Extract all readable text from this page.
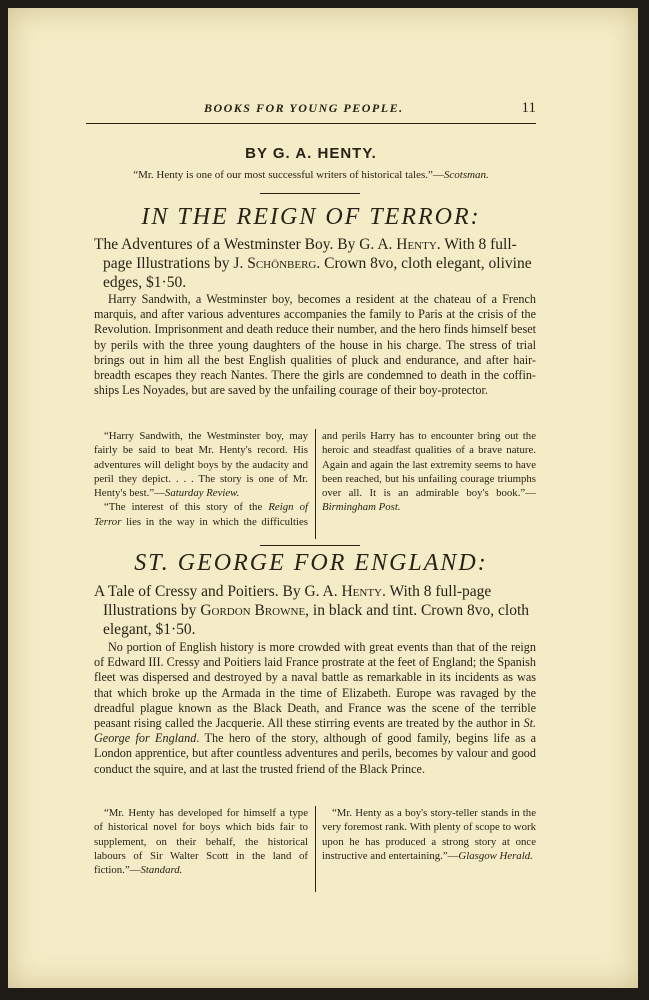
BOOKS FOR YOUNG PEOPLE.	11
BY G. A. HENTY.
“Mr. Henty is one of our most successful writers of historical tales.”—Scotsman.
IN THE REIGN OF TERROR:
The Adventures of a Westminster Boy. By G. A. Henty. With 8 full-page Illustrations by J. Schönberg. Crown 8vo, cloth elegant, olivine edges, $1·50.
Harry Sandwith, a Westminster boy, becomes a resident at the chateau of a French marquis, and after various adventures accompanies the family to Paris at the crisis of the Revolution. Imprisonment and death reduce their number, and the hero finds himself beset by perils with the three young daughters of the house in his charge. The stress of trial brings out in him all the best English qualities of pluck and endurance, and after hair-breadth escapes they reach Nantes. There the girls are condemned to death in the coffin-ships Les Noyades, but are saved by the unfailing courage of their boy-protector.

“Harry Sandwith, the Westminster boy, may fairly be said to beat Mr. Henty's record. His adventures will delight boys by the audacity and peril they depict. . . . The story is one of Mr. Henty's best.”—Saturday Review.

“The interest of this story of the Reign of Terror lies in the way in which the difficulties and perils Harry has to encounter bring out the heroic and steadfast qualities of a brave nature. Again and again the last extremity seems to have been reached, but his unfailing courage triumphs over all. It is an admirable boy's book.”—Birmingham Post.

ST. GEORGE FOR ENGLAND:
A Tale of Cressy and Poitiers. By G. A. Henty. With 8 full-page Illustrations by Gordon Browne, in black and tint. Crown 8vo, cloth elegant, $1·50.
No portion of English history is more crowded with great events than that of the reign of Edward III. Cressy and Poitiers laid France prostrate at the feet of England; the Spanish fleet was dispersed and destroyed by a naval battle as remarkable in its incidents as was that which broke up the Armada in the time of Elizabeth. Europe was ravaged by the dreadful plague known as the Black Death, and France was the scene of the terrible peasant rising called the Jacquerie. All these stirring events are treated by the author in St. George for England. The hero of the story, although of good family, begins life as a London apprentice, but after countless adventures and perils, becomes by valour and good conduct the squire, and at last the trusted friend of the Black Prince.

“Mr. Henty has developed for himself a type of historical novel for boys which bids fair to supplement, on their behalf, the historical labours of Sir Walter Scott in the land of fiction.”—Standard.

“Mr. Henty as a boy's story-teller stands in the very foremost rank. With plenty of scope to work upon he has produced a strong story at once instructive and entertaining.”—Glasgow Herald.
